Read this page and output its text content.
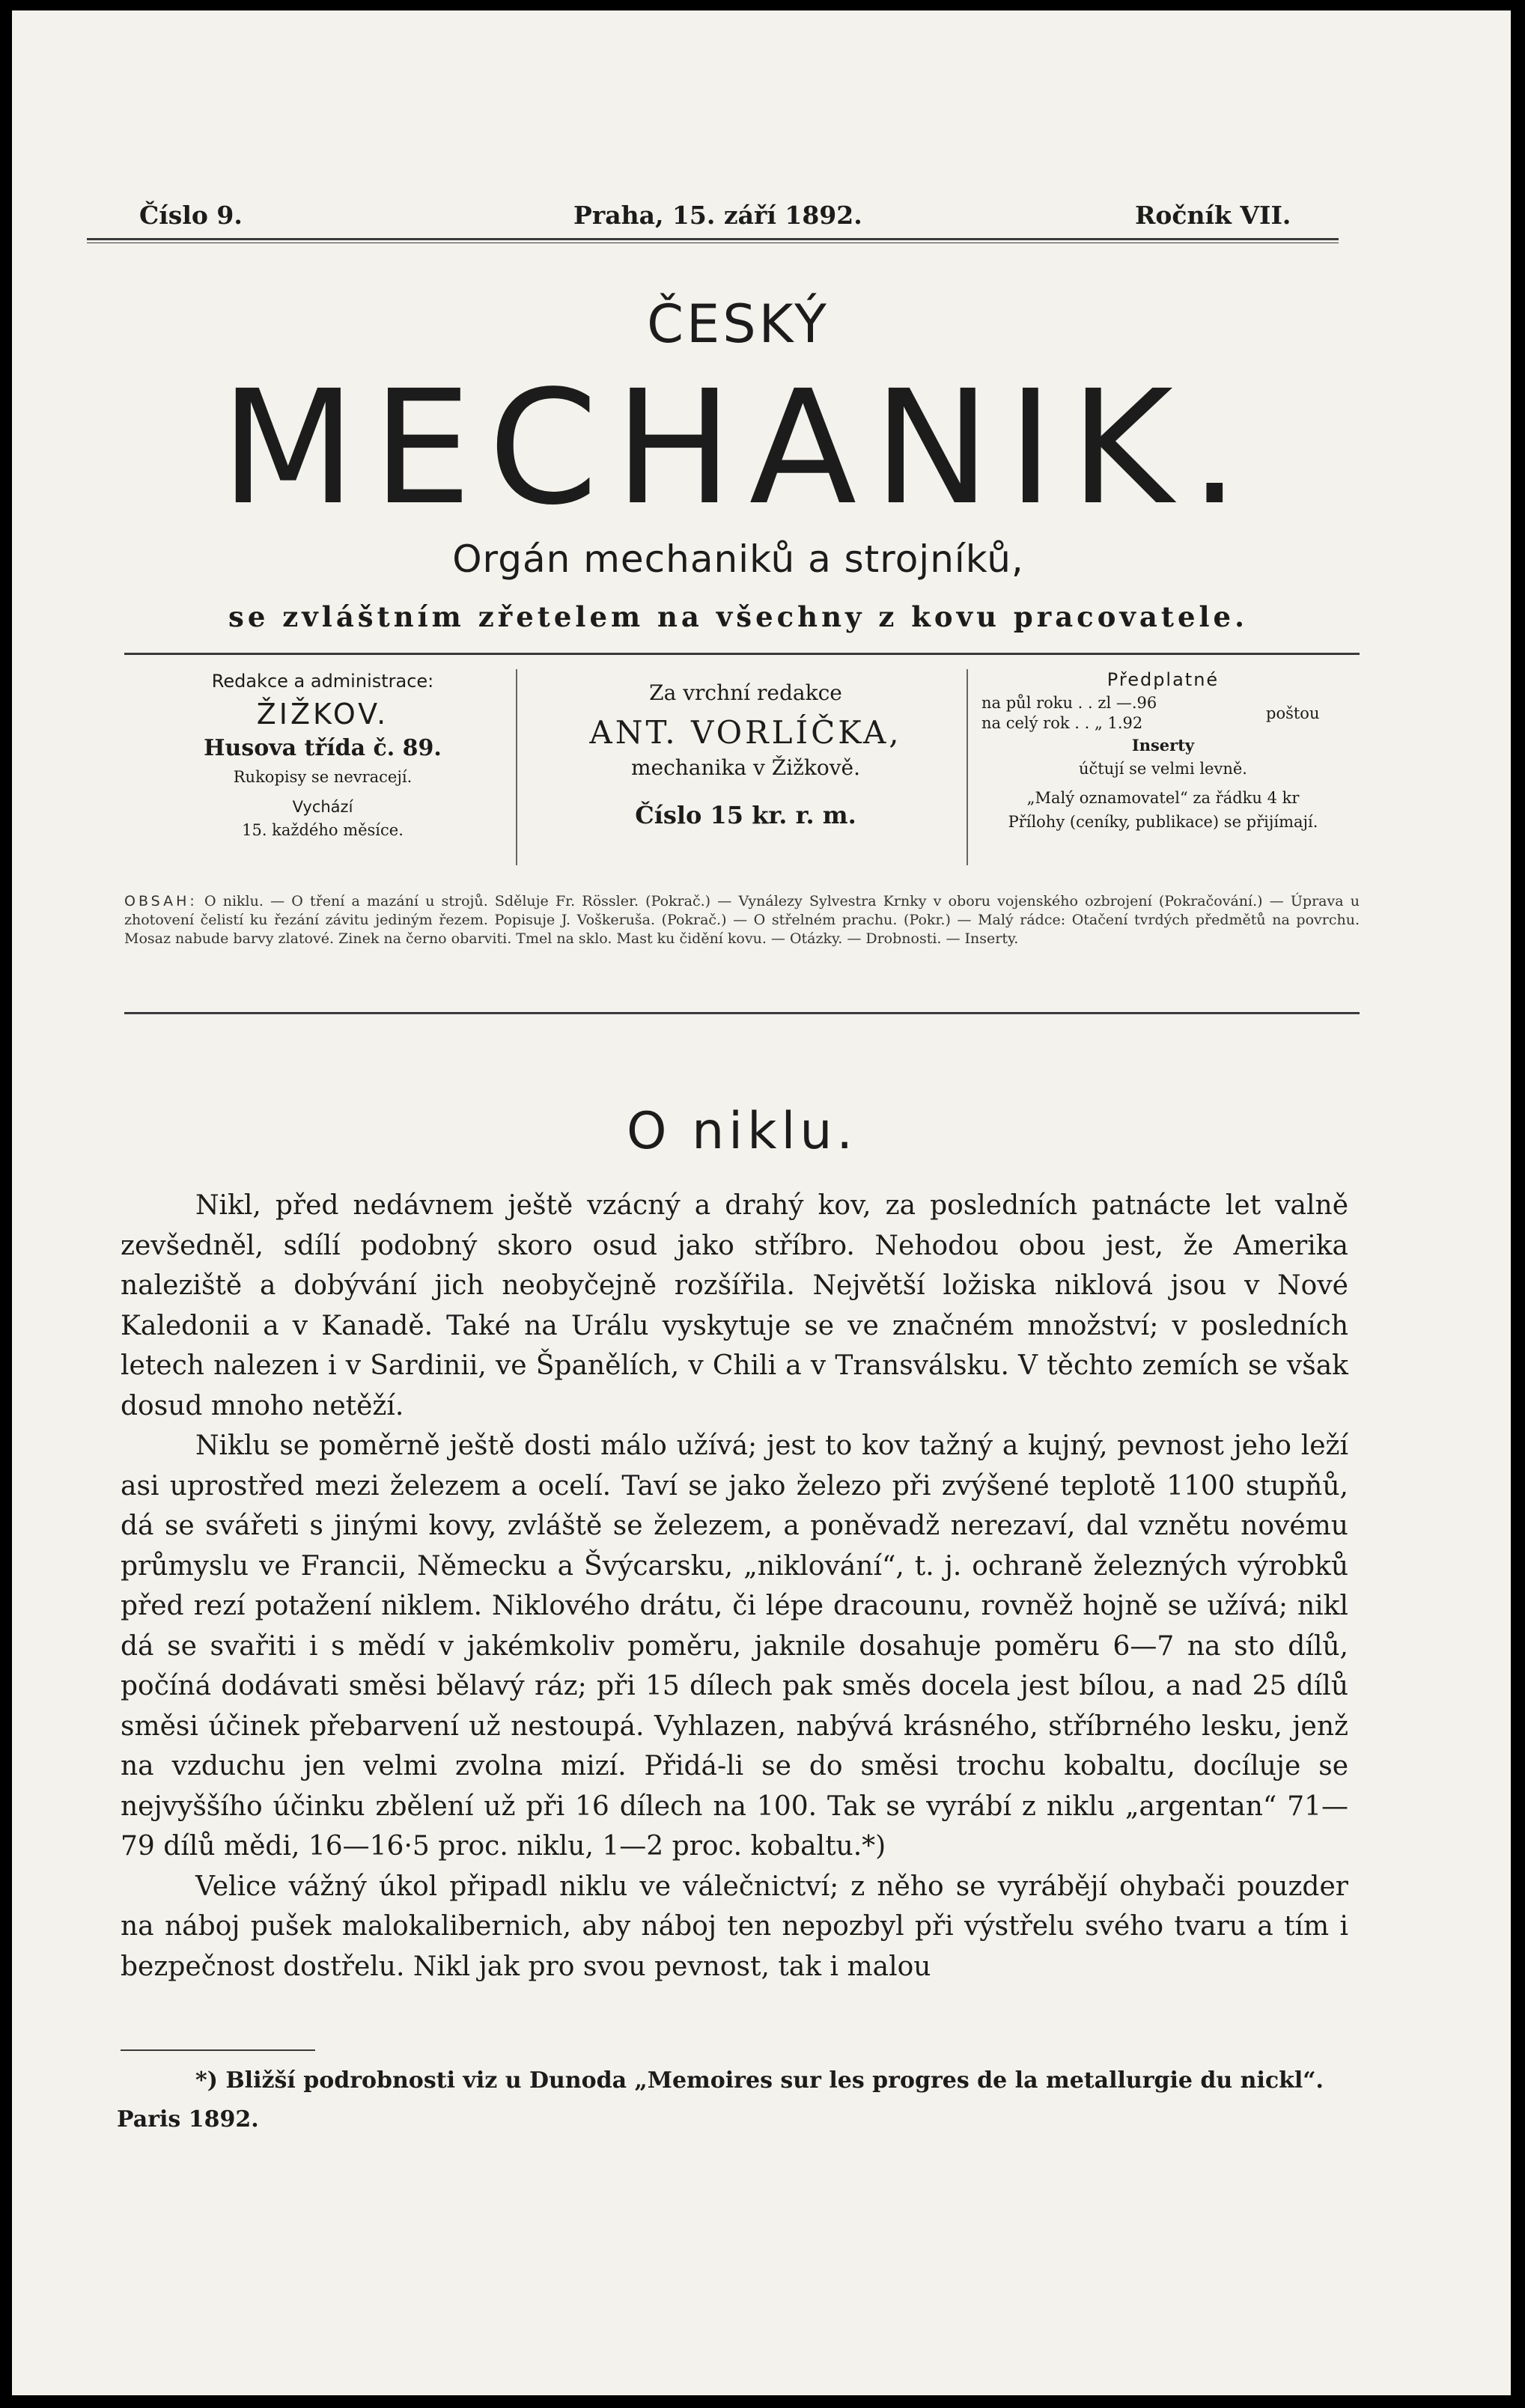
Číslo 9.	Praha, 15. září 1892.	Ročník VII.
ČESKÝ
MECHANIK.
Orgán mechaniků a strojníků,
se zvláštním zřetelem na všechny z kovu pracovatele.
Redakce a administrace:
ŽIŽKOV.
Husova třída č. 89.
Rukopisy se nevracejí.
Vychází
15. každého měsíce.
Za vrchní redakce
ANT. VORLÍČKA,
mechanika v Žižkově.
Číslo 15 kr. r. m.
Předplatné
na půl roku . . zl —.96
na celý rok . . „ 1.92
poštou
Inserty
účtují se velmi levně.
„Malý oznamovatel“ za řádku 4 kr
Přílohy (ceníky, publikace) se přijímají.
OBSAH: O niklu. — O tření a mazání u strojů. Sděluje Fr. Rössler. (Pokrač.) — Vynálezy Sylvestra Krnky v oboru vojenského ozbrojení (Pokračování.) — Úprava u zhotovení čelistí ku řezání závitu jediným řezem. Popisuje J. Voškeruša. (Pokrač.) — O střelném prachu. (Pokr.) — Malý rádce: Otačení tvrdých předmětů na povrchu. Mosaz nabude barvy zlatové. Zinek na černo obarviti. Tmel na sklo. Mast ku čidění kovu. — Otázky. — Drobnosti. — Inserty.
O niklu.

Nikl, před nedávnem ještě vzácný a drahý kov, za posledních patnácte let valně zevšedněl, sdílí podobný skoro osud jako stříbro. Nehodou obou jest, že Amerika naleziště a dobývání jich neobyčejně rozšířila. Největší ložiska niklová jsou v Nové Kaledonii a v Kanadě. Také na Urálu vyskytuje se ve značném množství; v posledních letech nalezen i v Sardinii, ve Španělích, v Chili a v Transválsku. V těchto zemích se však dosud mnoho netěží.

Niklu se poměrně ještě dosti málo užívá; jest to kov tažný a kujný, pevnost jeho leží asi uprostřed mezi železem a ocelí. Taví se jako železo při zvýšené teplotě 1100 stupňů, dá se svářeti s jinými kovy, zvláště se železem, a poněvadž nerezaví, dal vznětu novému průmyslu ve Francii, Německu a Švýcarsku, „niklování“, t. j. ochraně železných výrobků před rezí potažení niklem. Niklového drátu, či lépe dracounu, rovněž hojně se užívá; nikl dá se svařiti i s mědí v jakémkoliv poměru, jaknile dosahuje poměru 6—7 na sto dílů, počíná dodávati směsi bělavý ráz; při 15 dílech pak směs docela jest bílou, a nad 25 dílů směsi účinek přebarvení už nestoupá. Vyhlazen, nabývá krásného, stříbrného lesku, jenž na vzduchu jen velmi zvolna mizí. Přidá-li se do směsi trochu kobaltu, docíluje se nejvyššího účinku zbělení už při 16 dílech na 100. Tak se vyrábí z niklu „argentan“ 71—79 dílů mědi, 16—16·5 proc. niklu, 1—2 proc. kobaltu.*)

Velice vážný úkol připadl niklu ve válečnictví; z něho se vyrábějí ohybači pouzder na náboj pušek malokalibernich, aby náboj ten nepozbyl při výstřelu svého tvaru a tím i bezpečnost dostřelu. Nikl jak pro svou pevnost, tak i malou

*) Bližší podrobnosti viz u Dunoda „Memoires sur les progres de la metallurgie du nickl“. Paris 1892.
